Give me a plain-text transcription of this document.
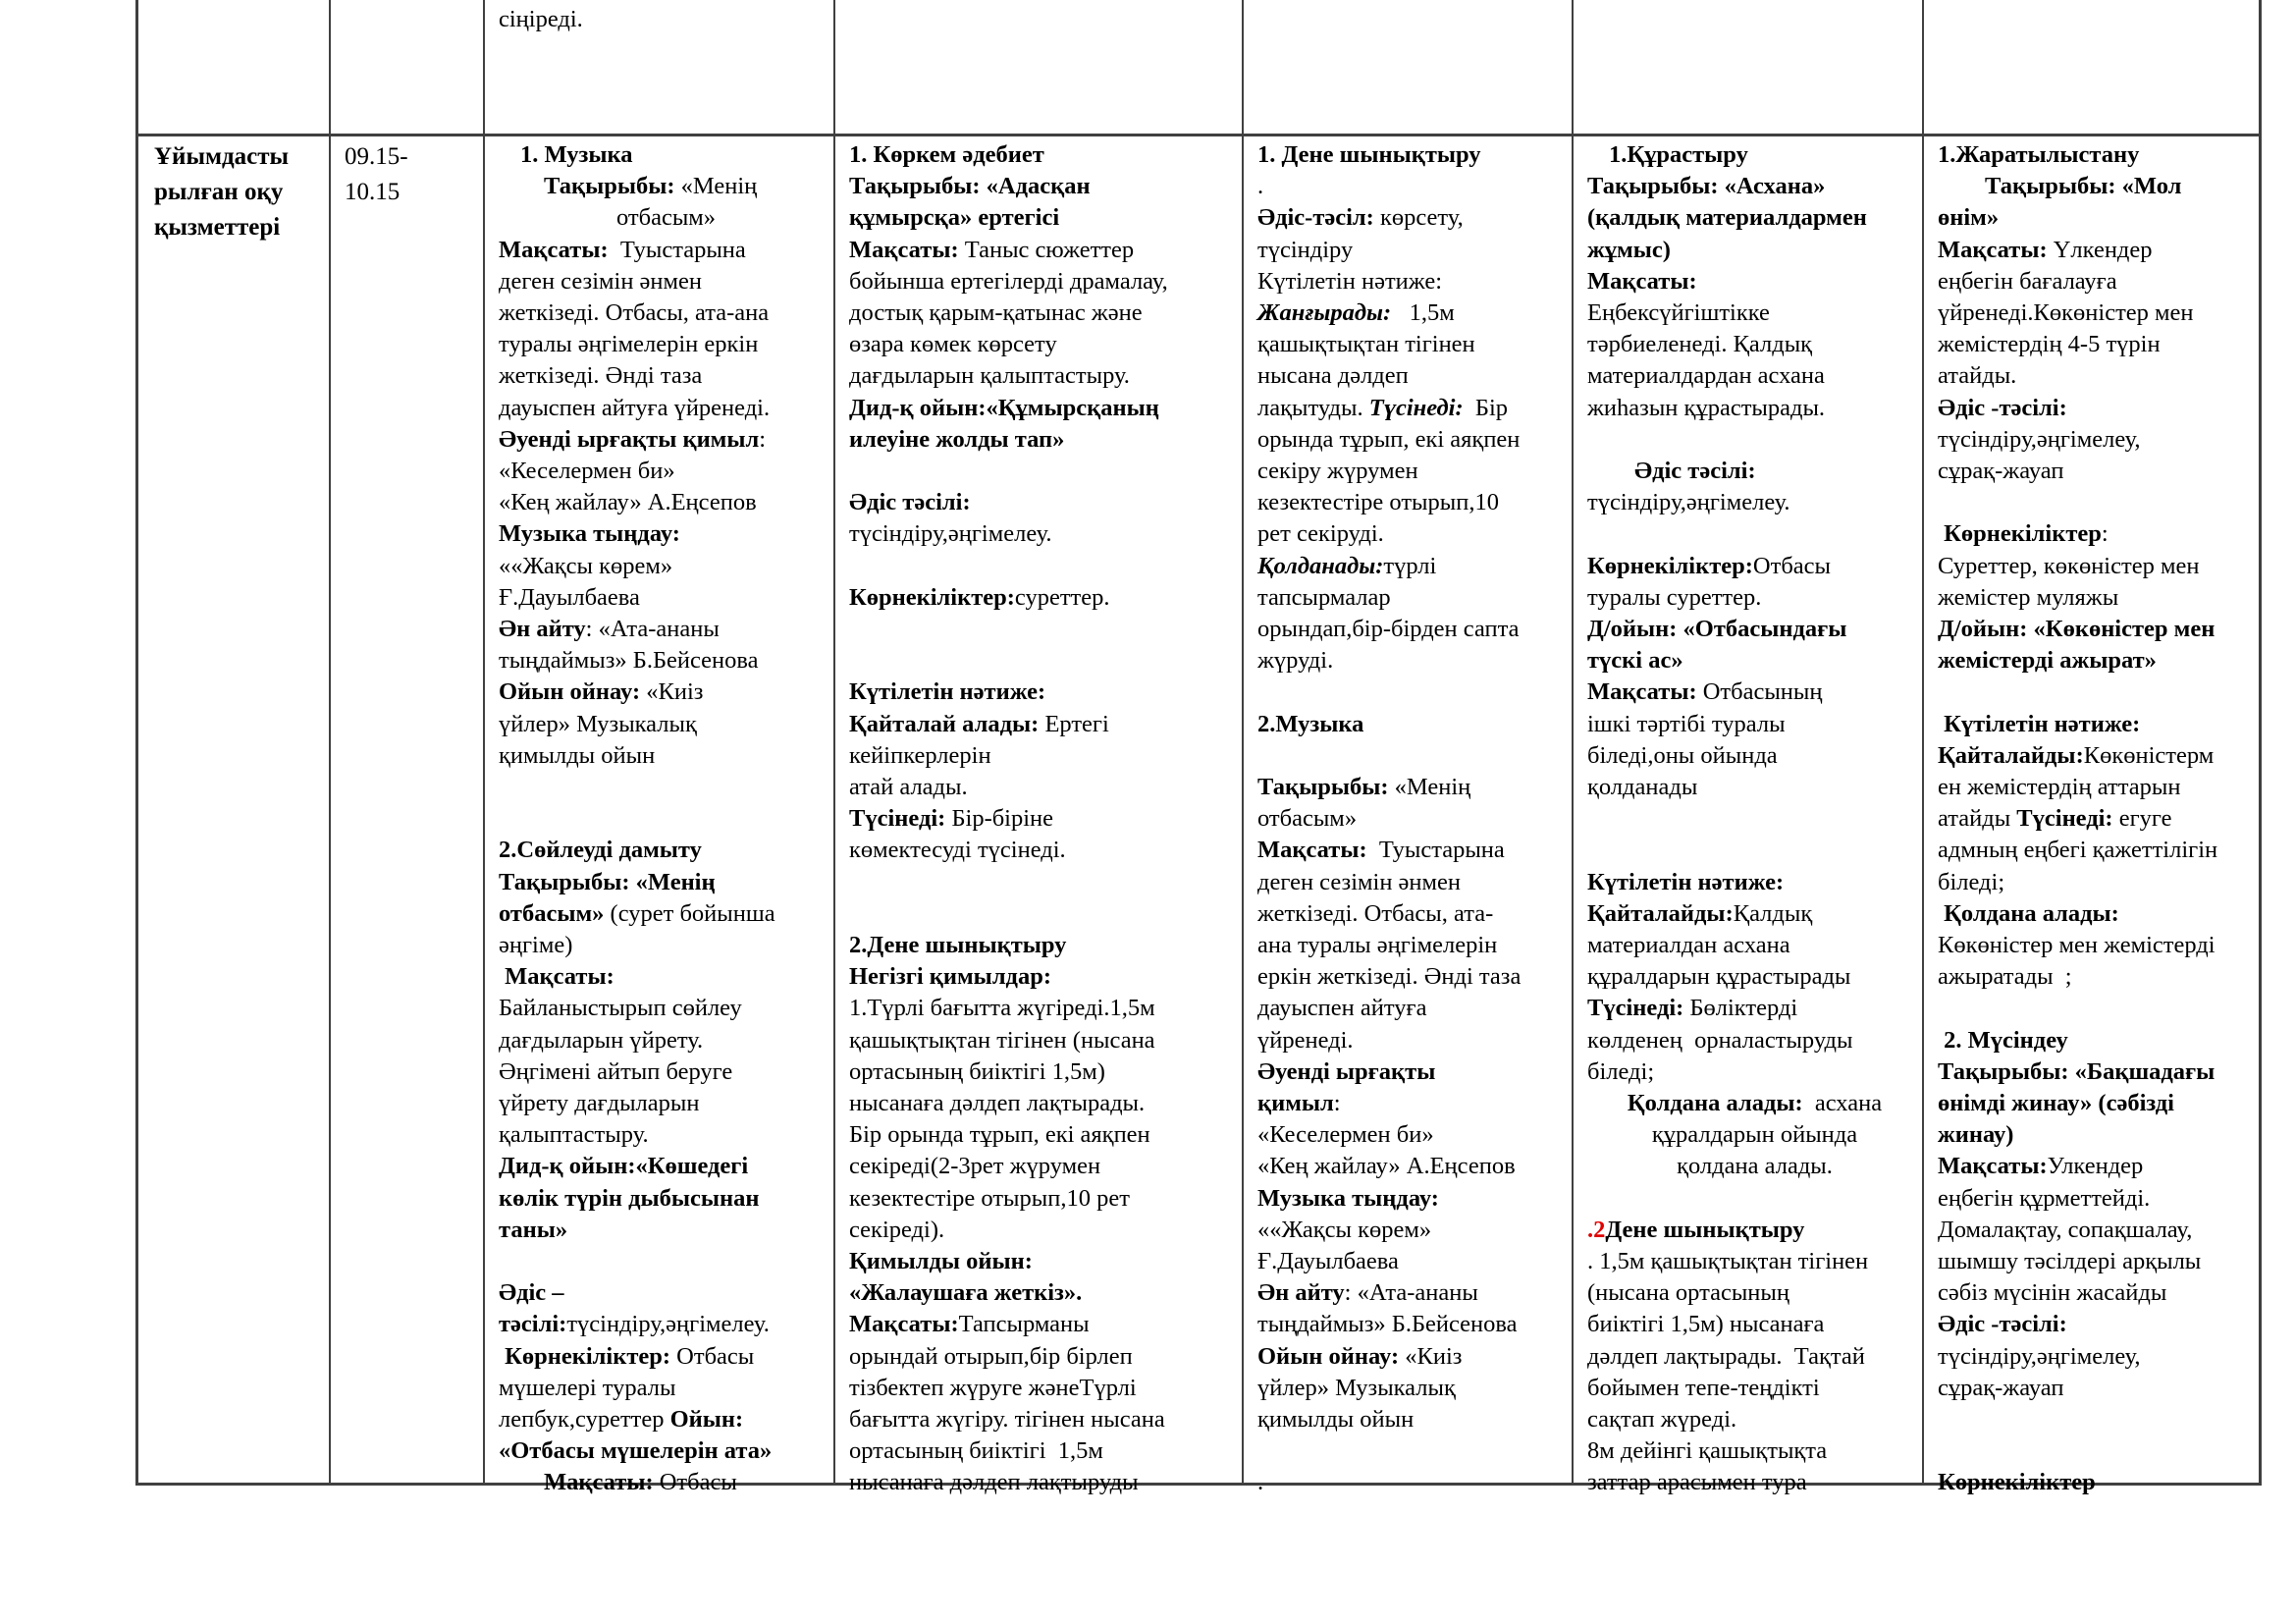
сіңіреді.
Ұйымдасты
рылған оқу
қызметтері
09.15-
10.15
1. Музыка
Тақырыбы: «Менің
отбасым»
Мақсаты:  Туыстарына
деген сезімін әнмен
жеткізеді. Отбасы, ата-ана
туралы әңгімелерін еркін
жеткізеді. Әнді таза
дауыспен айтуға үйренеді.
Әуенді ырғақты қимыл:
«Кеселермен би»
«Кең жайлау» А.Еңсепов
Музыка тыңдау:
««Жақсы көрем»
Ғ.Дауылбаева
Ән айту: «Ата-ананы
тыңдаймыз» Б.Бейсенова
Ойын ойнау: «Киіз
үйлер» Музыкалық
қимылды ойын
2.Сөйлеуді дамыту
Тақырыбы: «Менің
отбасым» (сурет бойынша
әңгіме)
Мақсаты:
Байланыстырып сөйлеу
дағдыларын үйрету.
Әңгімені айтып беруге
үйрету дағдыларын
қалыптастыру.
Дид-қ ойын:«Көшедегі
көлік түрін дыбысынан
таны»
Әдіс –
тәсілі:түсіндіру,әңгімелеу.
Көрнекіліктер: Отбасы
мүшелері туралы
лепбук,суреттер Ойын:
«Отбасы мүшелерін ата»
Мақсаты: Отбасы
1. Көркем әдебиет
Тақырыбы: «Адасқан
құмырсқа» ертегісі
Мақсаты: Таныс сюжеттер
бойынша ертегілерді драмалау,
достық қарым-қатынас және
өзара көмек көрсету
дағдыларын қалыптастыру.
Дид-қ ойын:«Құмырсқаның
илеуіне жолды тап»
Әдіс тәсілі:
түсіндіру,әңгімелеу.
Көрнекіліктер:суреттер.
Күтілетін нәтиже:
Қайталай алады: Ертегі
кейіпкерлерін
атай алады.
Түсінеді: Бір-біріне
көмектесуді түсінеді.
2.Дене шынықтыру
Негізгі қимылдар:
1.Түрлі бағытта жүгіреді.1,5м
қашықтықтан тігінен (нысана
ортасының биіктігі 1,5м)
нысанаға дәлдеп лақтырады.
Бір орында тұрып, екі аяқпен
секіреді(2-3рет жүрумен
кезектестіре отырып,10 рет
секіреді).
Қимылды ойын:
«Жалаушаға жеткіз».
Мақсаты:Тапсырманы
орындай отырып,бір бірлеп
тізбектеп жүруге жәнеТүрлі
бағытта жүгіру. тігінен нысана
ортасының биіктігі  1,5м
нысанаға дәлдеп лақтыруды
1. Дене шынықтыру
.
Әдіс-тәсіл: көрсету,
түсіндіру
Күтілетін нәтиже:
Жанғырады:   1,5м
қашықтықтан тігінен
нысана дәлдеп
лақытуды. Түсінеді:  Бір
орында тұрып, екі аяқпен
секіру жүрумен
кезектестіре отырып,10
рет секіруді.
Қолданады:түрлі
тапсырмалар
орындап,бір-бірден сапта
жүруді.
2.Музыка
Тақырыбы: «Менің
отбасым»
Мақсаты:  Туыстарына
деген сезімін әнмен
жеткізеді. Отбасы, ата-
ана туралы әңгімелерін
еркін жеткізеді. Әнді таза
дауыспен айтуға
үйренеді.
Әуенді ырғақты
қимыл:
«Кеселермен би»
«Кең жайлау» А.Еңсепов
Музыка тыңдау:
««Жақсы көрем»
Ғ.Дауылбаева
Ән айту: «Ата-ананы
тыңдаймыз» Б.Бейсенова
Ойын ойнау: «Киіз
үйлер» Музыкалық
қимылды ойын
.
1.Құрастыру
Тақырыбы: «Асхана»
(қалдық материалдармен
жұмыс)
Мақсаты:
Еңбексүйгіштікке
тәрбиеленеді. Қалдық
материалдардан асхана
жиһазын құрастырады.
Әдіс тәсілі:
түсіндіру,әңгімелеу.
Көрнекіліктер:Отбасы
туралы суреттер.
Д/ойын: «Отбасындағы
түскі ас»
Мақсаты: Отбасының
ішкі тәртібі туралы
біледі,оны ойында
қолданады
Күтілетін нәтиже:
Қайталайды:Қалдық
материалдан асхана
құралдарын құрастырады
Түсінеді: Бөліктерді
көлденең  орналастыруды
біледі;
Қолдана алады:  асхана
құралдарын ойында
қолдана алады.
.2Дене шынықтыру
. 1,5м қашықтықтан тігінен
(нысана ортасының
биіктігі 1,5м) нысанаға
дәлдеп лақтырады.  Тақтай
бойымен тепе-теңдікті
сақтап жүреді.
8м дейінгі қашықтықта
заттар арасымен тура
1.Жаратылыстану
Тақырыбы: «Мол
өнім»
Мақсаты: Үлкендер
еңбегін бағалауға
үйренеді.Көкөністер мен
жемістердің 4-5 түрін
атайды.
Әдіс -тәсілі:
түсіндіру,әңгімелеу,
сұрақ-жауап
Көрнекіліктер:
Суреттер, көкөністер мен
жемістер муляжы
Д/ойын: «Көкөністер мен
жемістерді ажырат»
Күтілетін нәтиже:
Қайталайды:Көкөністерм
ен жемістердің аттарын
атайды Түсінеді: егуге
адмның еңбегі қажеттілігін
біледі;
Қолдана алады:
Көкөністер мен жемістерді
ажыратады  ;
2. Мүсіндеу
Тақырыбы: «Бақшадағы
өнімді жинау» (сәбізді
жинау)
Мақсаты:Улкендер
еңбегін құрметтейді.
Домалақтау, сопақшалау,
шымшу тәсілдері арқылы
сәбіз мүсінін жасайды
Әдіс -тәсілі:
түсіндіру,әңгімелеу,
сұрақ-жауап
Көрнекіліктер
